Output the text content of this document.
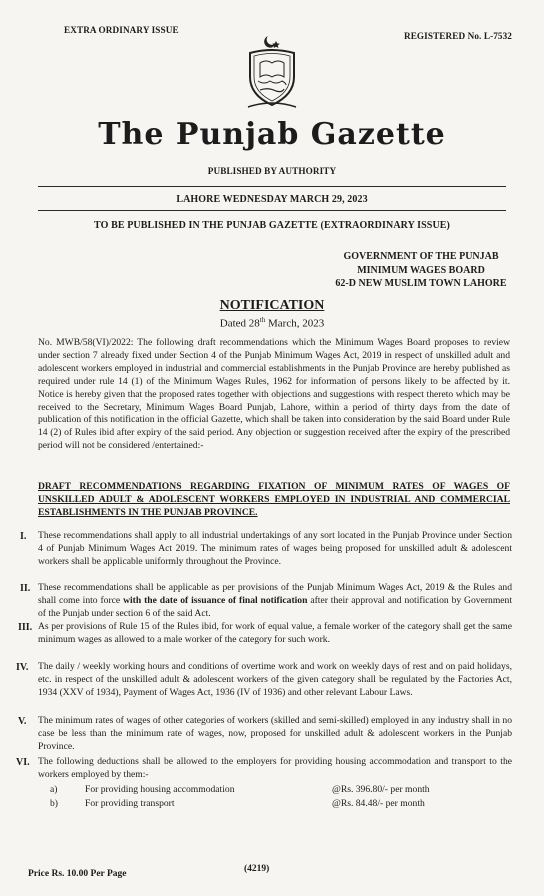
EXTRA ORDINARY ISSUE
REGISTERED No. L-7532
The Punjab Gazette
PUBLISHED BY AUTHORITY
LAHORE WEDNESDAY MARCH 29, 2023
TO BE PUBLISHED IN THE PUNJAB GAZETTE (EXTRAORDINARY ISSUE)
GOVERNMENT OF THE PUNJAB
MINIMUM WAGES BOARD
62-D NEW MUSLIM TOWN LAHORE
NOTIFICATION
Dated 28th March, 2023
No. MWB/58(VI)/2022: The following draft recommendations which the Minimum Wages Board proposes to review under section 7 already fixed under Section 4 of the Punjab Minimum Wages Act, 2019 in respect of unskilled adult and adolescent workers employed in industrial and commercial establishments in the Punjab Province are hereby published as required under rule 14 (1) of the Minimum Wages Rules, 1962 for information of persons likely to be affected by it. Notice is hereby given that the proposed rates together with objections and suggestions with respect thereto which may be received to the Secretary, Minimum Wages Board Punjab, Lahore, within a period of thirty days from the date of publication of this notification in the official Gazette, which shall be taken into consideration by the said Board under Rule 14 (2) of Rules ibid after expiry of the said period. Any objection or suggestion received after the expiry of the prescribed period will not be considered /entertained:-
DRAFT RECOMMENDATIONS REGARDING FIXATION OF MINIMUM RATES OF WAGES OF UNSKILLED ADULT & ADOLESCENT WORKERS EMPLOYED IN INDUSTRIAL AND COMMERCIAL ESTABLISHMENTS IN THE PUNJAB PROVINCE.
I. These recommendations shall apply to all industrial undertakings of any sort located in the Punjab Province under Section 4 of Punjab Minimum Wages Act 2019. The minimum rates of wages being proposed for unskilled adult & adolescent workers shall be applicable uniformly throughout the Province.
II. These recommendations shall be applicable as per provisions of the Punjab Minimum Wages Act, 2019 & the Rules and shall come into force with the date of issuance of final notification after their approval and notification by Government of the Punjab under section 6 of the said Act.
III. As per provisions of Rule 15 of the Rules ibid, for work of equal value, a female worker of the category shall get the same minimum wages as allowed to a male worker of the category for such work.
IV. The daily / weekly working hours and conditions of overtime work and work on weekly days of rest and on paid holidays, etc. in respect of the unskilled adult & adolescent workers of the given category shall be regulated by the Factories Act, 1934 (XXV of 1934), Payment of Wages Act, 1936 (IV of 1936) and other relevant Labour Laws.
V. The minimum rates of wages of other categories of workers (skilled and semi-skilled) employed in any industry shall in no case be less than the minimum rate of wages, now, proposed for unskilled adult & adolescent workers in the Punjab Province.
VI. The following deductions shall be allowed to the employers for providing housing accommodation and transport to the workers employed by them:-
a)	For providing housing accommodation	@Rs. 396.80/- per month
b)	For providing transport	@Rs. 84.48/- per month
Price Rs. 10.00 Per Page	(4219)
